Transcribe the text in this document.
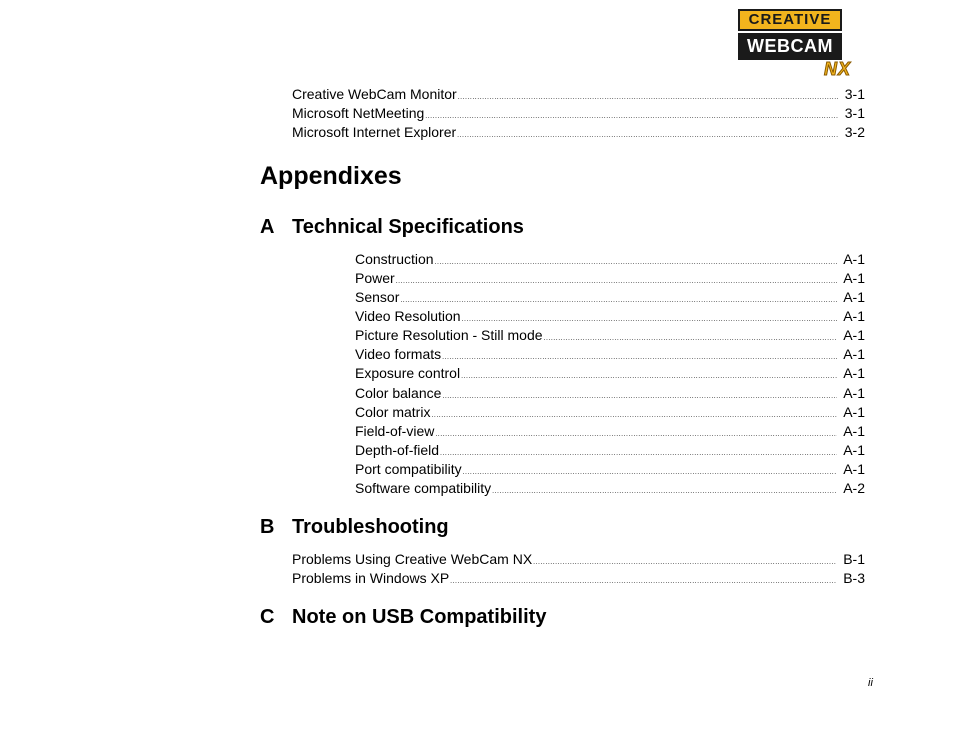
CREATIVE
WEBCAM
NX
Creative WebCam Monitor .....	3-1
Microsoft NetMeeting .....	3-1
Microsoft Internet Explorer .....	3-2
Appendixes
A Technical Specifications
Construction .....	A-1
Power .....	A-1
Sensor .....	A-1
Video Resolution .....	A-1
Picture Resolution - Still mode .....	A-1
Video formats .....	A-1
Exposure control .....	A-1
Color balance .....	A-1
Color matrix .....	A-1
Field-of-view .....	A-1
Depth-of-field .....	A-1
Port compatibility .....	A-1
Software compatibility .....	A-2
B Troubleshooting
Problems Using Creative WebCam NX .....	B-1
Problems in Windows XP .....	B-3
C Note on USB Compatibility
ii
